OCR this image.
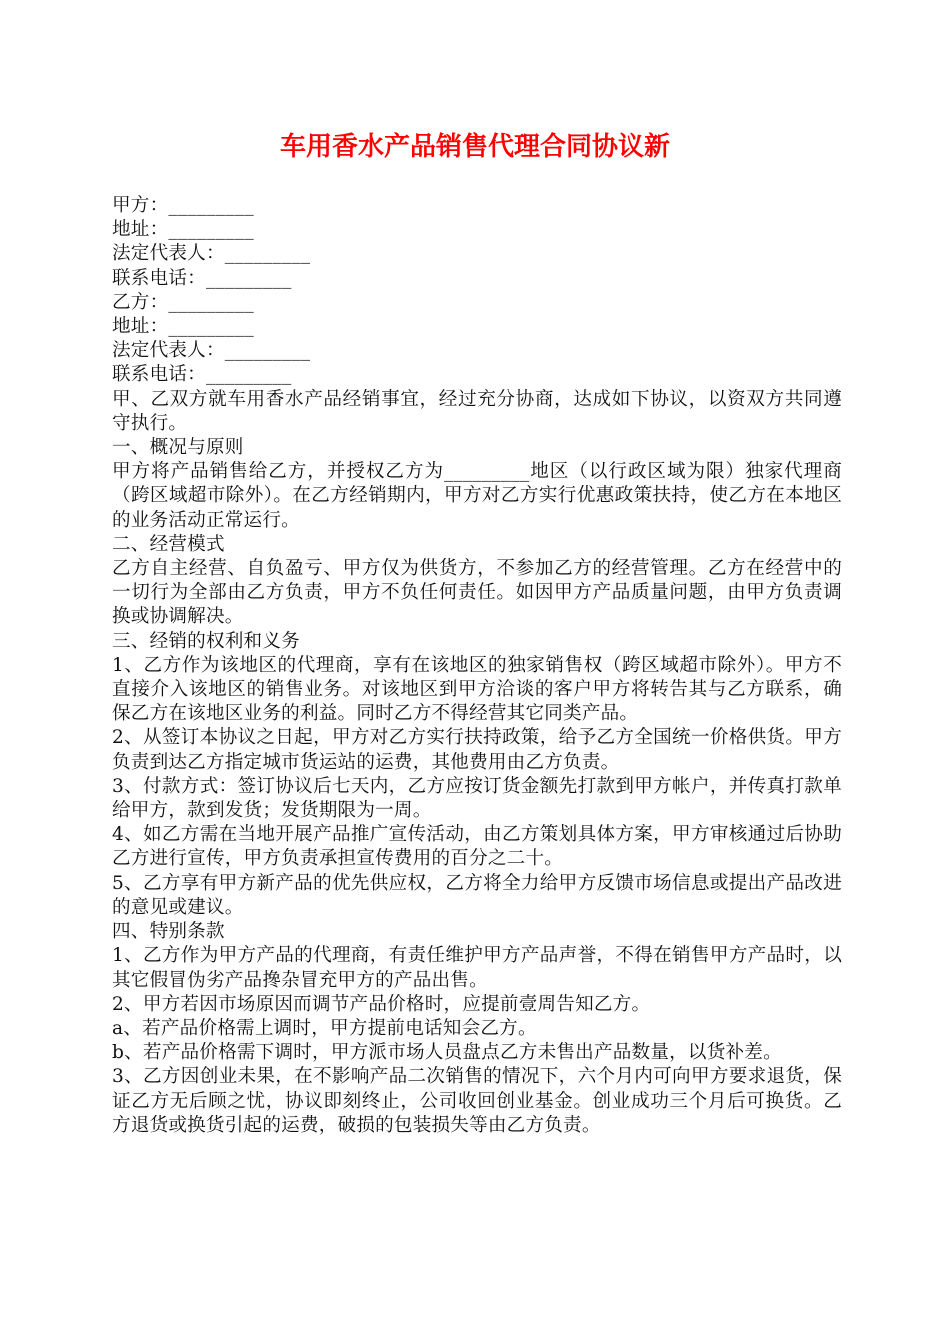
车用香水产品销售代理合同协议新

甲方：_________

地址：_________

法定代表人：_________

联系电话：_________

乙方：_________

地址：_________

法定代表人：_________

联系电话：_________

甲、乙双方就车用香水产品经销事宜，经过充分协商，达成如下协议，以资双方共同遵守执行。

一、概况与原则

甲方将产品销售给乙方，并授权乙方为_________地区（以行政区域为限）独家代理商（跨区域超市除外）。在乙方经销期内，甲方对乙方实行优惠政策扶持，使乙方在本地区的业务活动正常运行。

二、经营模式

乙方自主经营、自负盈亏、甲方仅为供货方，不参加乙方的经营管理。乙方在经营中的一切行为全部由乙方负责，甲方不负任何责任。如因甲方产品质量问题，由甲方负责调换或协调解决。

三、经销的权利和义务

1、乙方作为该地区的代理商，享有在该地区的独家销售权（跨区域超市除外）。甲方不直接介入该地区的销售业务。对该地区到甲方洽谈的客户甲方将转告其与乙方联系，确保乙方在该地区业务的利益。同时乙方不得经营其它同类产品。

2、从签订本协议之日起，甲方对乙方实行扶持政策，给予乙方全国统一价格供货。甲方负责到达乙方指定城市货运站的运费，其他费用由乙方负责。

3、付款方式：签订协议后七天内，乙方应按订货金额先打款到甲方帐户，并传真打款单给甲方，款到发货；发货期限为一周。

4、如乙方需在当地开展产品推广宣传活动，由乙方策划具体方案，甲方审核通过后协助乙方进行宣传，甲方负责承担宣传费用的百分之二十。

5、乙方享有甲方新产品的优先供应权，乙方将全力给甲方反馈市场信息或提出产品改进的意见或建议。

四、特别条款

1、乙方作为甲方产品的代理商，有责任维护甲方产品声誉，不得在销售甲方产品时，以其它假冒伪劣产品搀杂冒充甲方的产品出售。

2、甲方若因市场原因而调节产品价格时，应提前壹周告知乙方。

a、若产品价格需上调时，甲方提前电话知会乙方。

b、若产品价格需下调时，甲方派市场人员盘点乙方未售出产品数量，以货补差。

3、乙方因创业未果，在不影响产品二次销售的情况下，六个月内可向甲方要求退货，保证乙方无后顾之忧，协议即刻终止，公司收回创业基金。创业成功三个月后可换货。乙方退货或换货引起的运费，破损的包装损失等由乙方负责。
